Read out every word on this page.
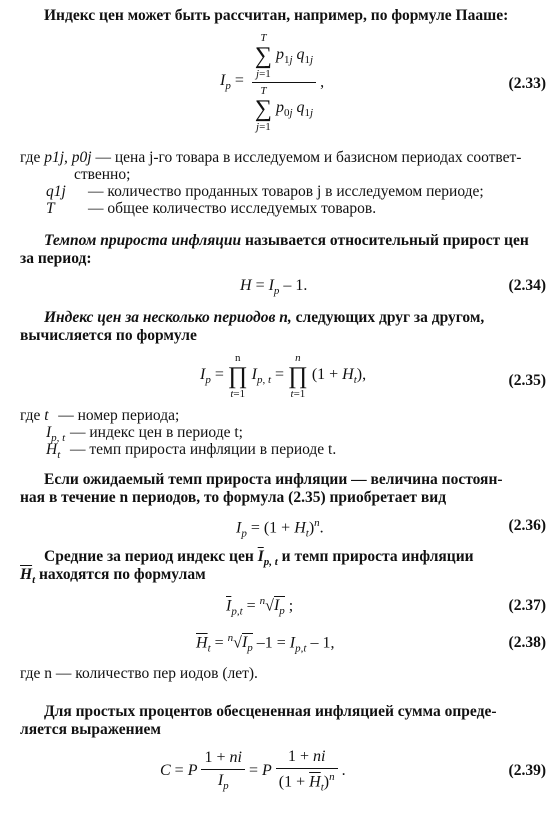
Индекс цен может быть рассчитан, например, по формуле Пааше:
$I_p = T$
∑
j=1
$p_{1j}$ $q_{1j}$
T
∑
j=1
$p_{0j}$ $q_{1j}$ ,	(2.33)
где p1j, p0j — цена j-го товара в исследуемом и базисном периодах соответ-
ственно;
q1j — количество проданных товаров j в исследуемом периоде;
T — общее количество исследуемых товаров.
Темпом прироста инфляции называется относительный прирост цен
за период:
$H = I_p - 1$.	(2.34)
Индекс цен за несколько периодов n, следующих друг за другом,
вычисляется по формуле
$I_p$ =
n
∏
t=1
$I_{p, t}$ =
n
∏
t=1
$(1 + H_t)$,	(2.35)
где t — номер периода;
$I_{p, t}$ — индекс цен в периоде t;
$H_t$ — темп прироста инфляции в периоде t.
Если ожидаемый темп прироста инфляции — величина постоян-
ная в течение n периодов, то формула (2.35) приобретает вид
$I_p = (1 + H_t)^n$.	(2.36)
Средние за период индекс цен $\overline{I}_{p, t}$ и темп прироста инфляции
$\overline{H}_t$ находятся по формулам
$\overline{I}_{p,t} = ^n√I_p$ ;	(2.37)
$\overline{H}_t = ^n√I_p$ $-1 = I_{p,t} - 1$,	(2.38)
где n — количество пер иодов (лет).
Для простых процентов обесцененная инфляцией сумма опреде-
ляется выражением
C = P $\frac{1 + ni}{I_p} = P \frac{1 + ni}{(1 + \overline{H}_t)^n}$ .	(2.39)
